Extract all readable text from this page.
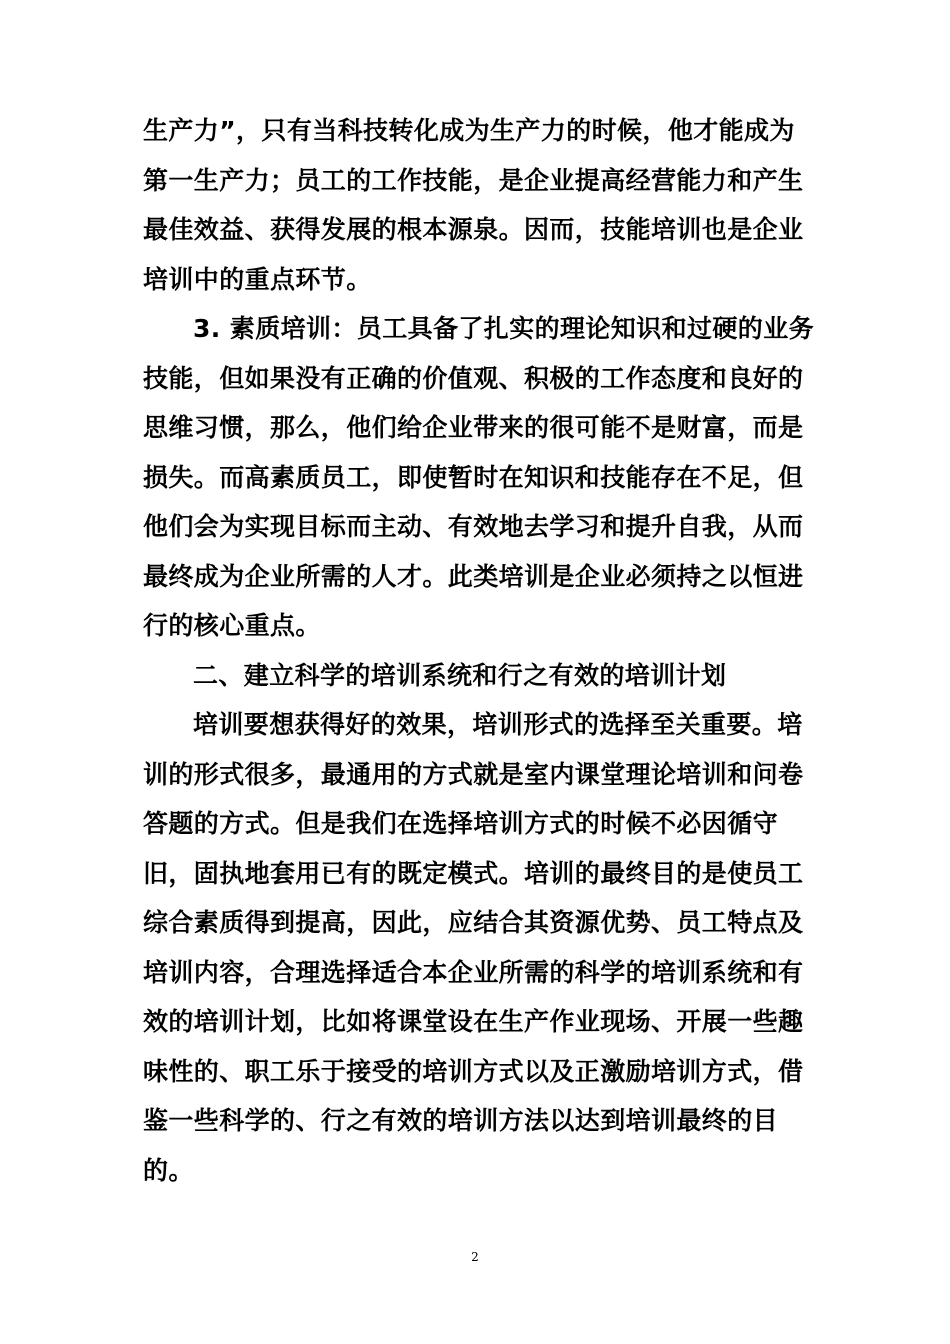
生产力”，只有当科技转化成为生产力的时候，他才能成为
第一生产力；员工的工作技能，是企业提高经营能力和产生
最佳效益、获得发展的根本源泉。因而，技能培训也是企业
培训中的重点环节。
3. 素质培训：员工具备了扎实的理论知识和过硬的业务
技能，但如果没有正确的价值观、积极的工作态度和良好的
思维习惯，那么，他们给企业带来的很可能不是财富，而是
损失。而高素质员工，即使暂时在知识和技能存在不足，但
他们会为实现目标而主动、有效地去学习和提升自我，从而
最终成为企业所需的人才。此类培训是企业必须持之以恒进
行的核心重点。
二、建立科学的培训系统和行之有效的培训计划
培训要想获得好的效果，培训形式的选择至关重要。培
训的形式很多，最通用的方式就是室内课堂理论培训和问卷
答题的方式。但是我们在选择培训方式的时候不必因循守
旧，固执地套用已有的既定模式。培训的最终目的是使员工
综合素质得到提高，因此，应结合其资源优势、员工特点及
培训内容，合理选择适合本企业所需的科学的培训系统和有
效的培训计划，比如将课堂设在生产作业现场、开展一些趣
味性的、职工乐于接受的培训方式以及正激励培训方式，借
鉴一些科学的、行之有效的培训方法以达到培训最终的目
的。
2
